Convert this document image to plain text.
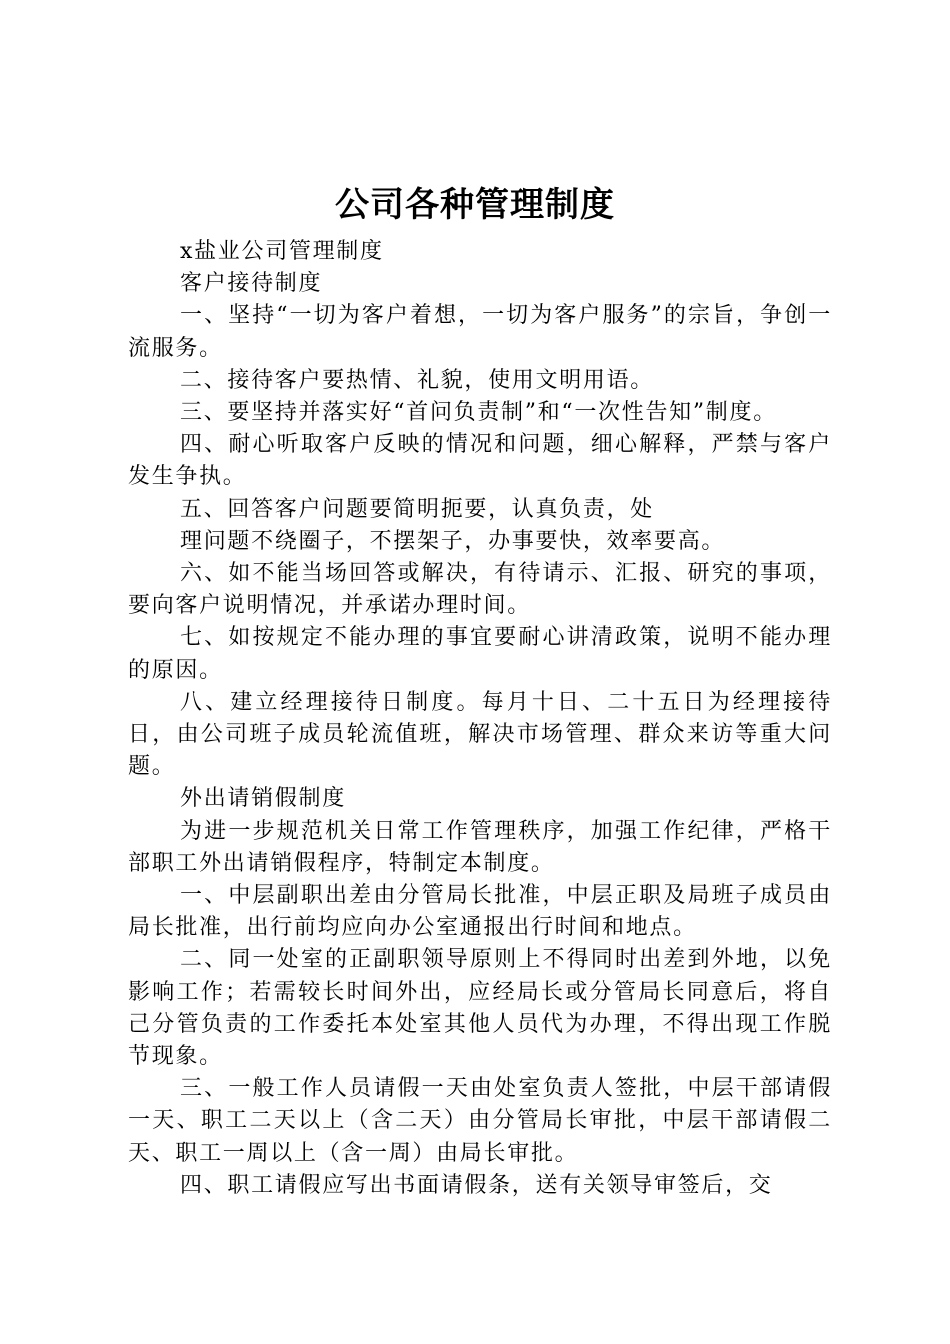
公司各种管理制度

x盐业公司管理制度

客户接待制度

一、坚持“一切为客户着想，一切为客户服务”的宗旨，争创一流服务。

二、接待客户要热情、礼貌，使用文明用语。

三、要坚持并落实好“首问负责制”和“一次性告知”制度。

四、耐心听取客户反映的情况和问题，细心解释，严禁与客户发生争执。

五、回答客户问题要简明扼要，认真负责，处

理问题不绕圈子，不摆架子，办事要快，效率要高。

六、如不能当场回答或解决，有待请示、汇报、研究的事项，要向客户说明情况，并承诺办理时间。

七、如按规定不能办理的事宜要耐心讲清政策，说明不能办理的原因。

八、建立经理接待日制度。每月十日、二十五日为经理接待日，由公司班子成员轮流值班，解决市场管理、群众来访等重大问题。

外出请销假制度

为进一步规范机关日常工作管理秩序，加强工作纪律，严格干部职工外出请销假程序，特制定本制度。

一、中层副职出差由分管局长批准，中层正职及局班子成员由局长批准，出行前均应向办公室通报出行时间和地点。

二、同一处室的正副职领导原则上不得同时出差到外地，以免影响工作；若需较长时间外出，应经局长或分管局长同意后，将自己分管负责的工作委托本处室其他人员代为办理，不得出现工作脱节现象。

三、一般工作人员请假一天由处室负责人签批，中层干部请假一天、职工二天以上（含二天）由分管局长审批，中层干部请假二天、职工一周以上（含一周）由局长审批。

四、职工请假应写出书面请假条，送有关领导审签后，交
